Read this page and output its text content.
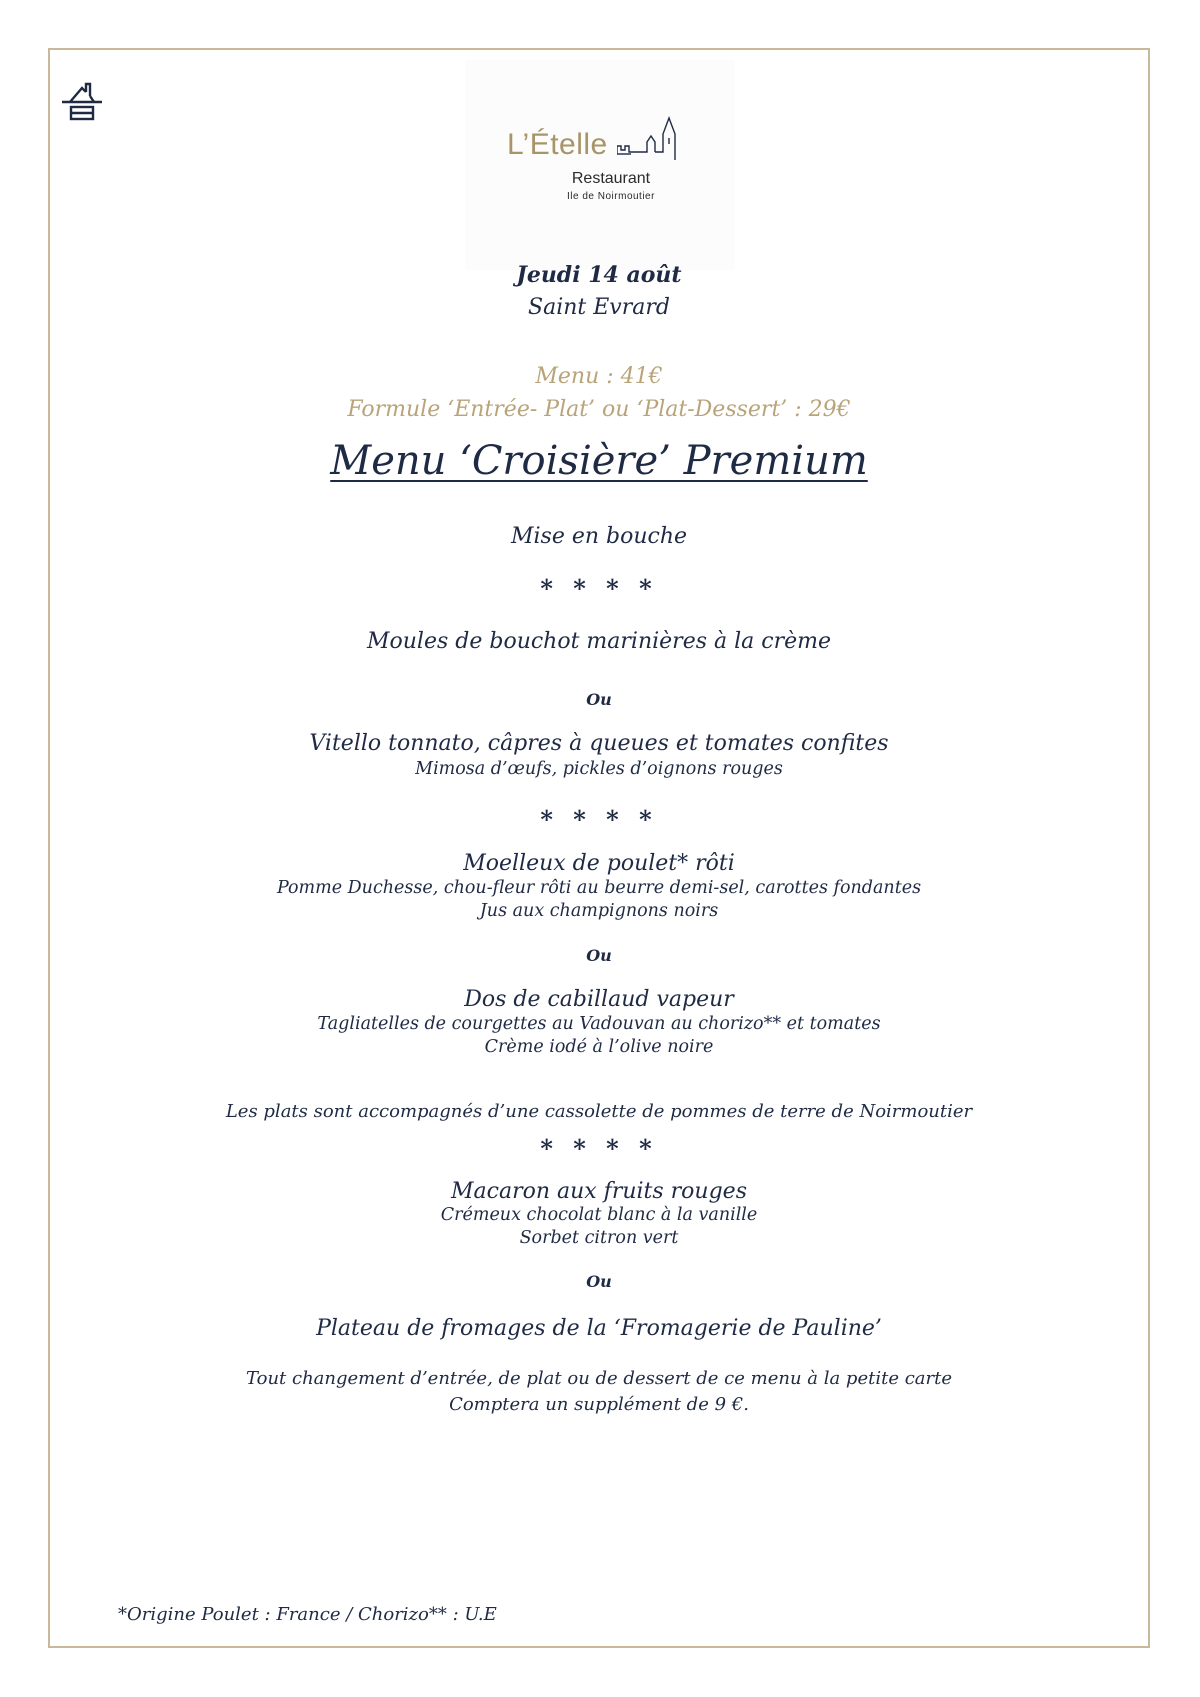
L’Ételle
Restaurant
Ile de Noirmoutier
Jeudi 14 août
Saint Evrard
Menu : 41€
Formule ‘Entrée- Plat’ ou ‘Plat-Dessert’ : 29€
Menu ‘Croisière’ Premium
Mise en bouche
* * * *
Moules de bouchot marinières à la crème
Ou
Vitello tonnato, câpres à queues et tomates confites
Mimosa d’œufs, pickles d’oignons rouges
* * * *
Moelleux de poulet* rôti
Pomme Duchesse, chou-fleur rôti au beurre demi-sel, carottes fondantes
Jus aux champignons noirs
Ou
Dos de cabillaud vapeur
Tagliatelles de courgettes au Vadouvan au chorizo** et tomates
Crème iodé à l’olive noire
Les plats sont accompagnés d’une cassolette de pommes de terre de Noirmoutier
* * * *
Macaron aux fruits rouges
Crémeux chocolat blanc à la vanille
Sorbet citron vert
Ou
Plateau de fromages de la ‘Fromagerie de Pauline’
Tout changement d’entrée, de plat ou de dessert de ce menu à la petite carte
Comptera un supplément de 9 €.
*Origine Poulet : France / Chorizo** : U.E
